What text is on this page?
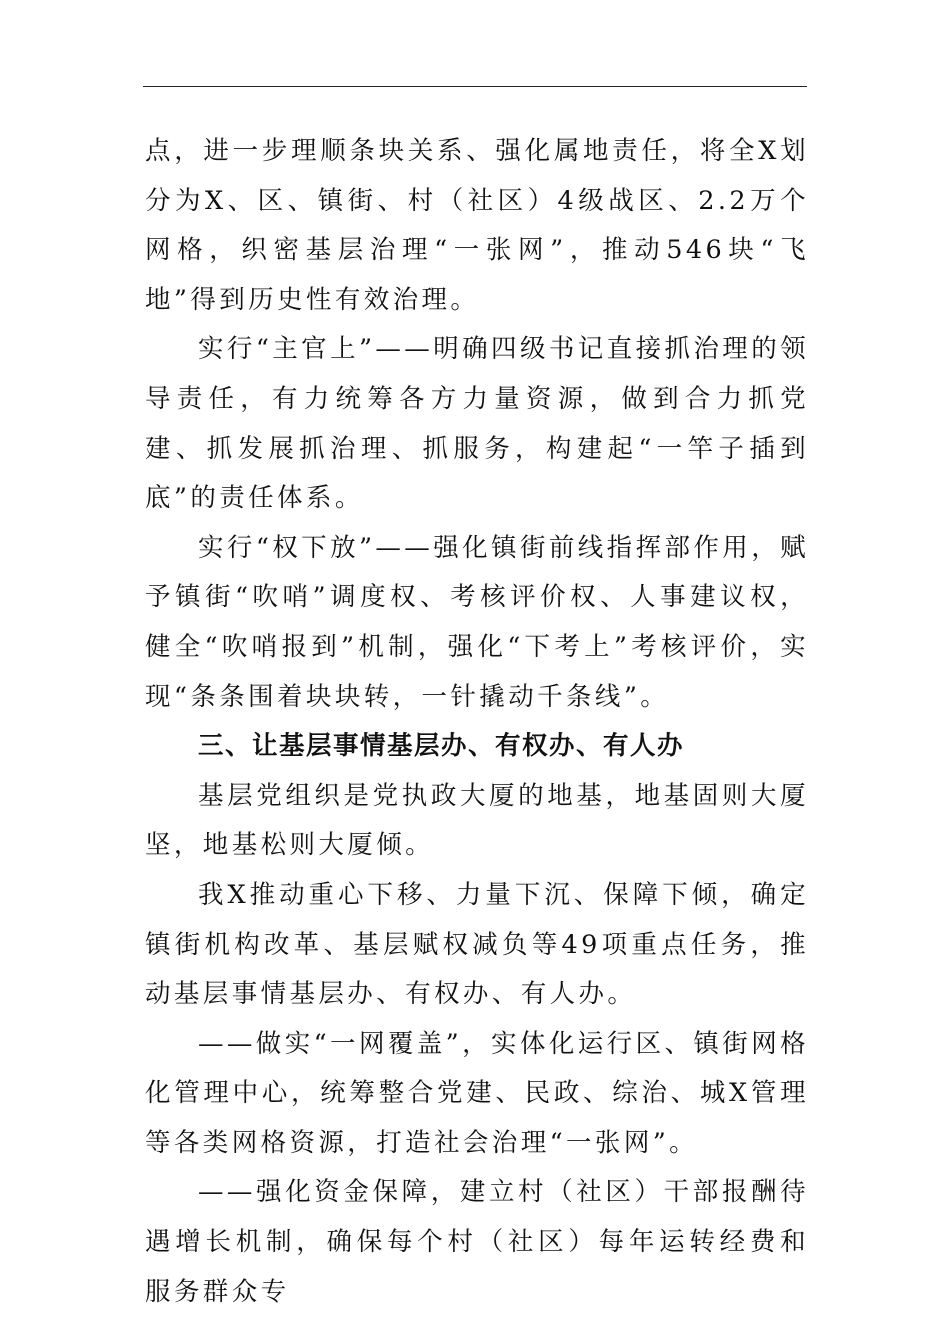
点，进一步理顺条块关系、强化属地责任，将全X划分为X、区、镇街、村（社区）4级战区、2.2万个网格，织密基层治理“一张网”，推动546块“飞地”得到历史性有效治理。

实行“主官上”——明确四级书记直接抓治理的领导责任，有力统筹各方力量资源，做到合力抓党建、抓发展抓治理、抓服务，构建起“一竿子插到底”的责任体系。

实行“权下放”——强化镇街前线指挥部作用，赋予镇街“吹哨”调度权、考核评价权、人事建议权，健全“吹哨报到”机制，强化“下考上”考核评价，实现“条条围着块块转，一针撬动千条线”。

三、让基层事情基层办、有权办、有人办

基层党组织是党执政大厦的地基，地基固则大厦坚，地基松则大厦倾。

我X推动重心下移、力量下沉、保障下倾，确定镇街机构改革、基层赋权减负等49项重点任务，推动基层事情基层办、有权办、有人办。

——做实“一网覆盖”，实体化运行区、镇街网格化管理中心，统筹整合党建、民政、综治、城X管理等各类网格资源，打造社会治理“一张网”。

——强化资金保障，建立村（社区）干部报酬待遇增长机制，确保每个村（社区）每年运转经费和服务群众专
